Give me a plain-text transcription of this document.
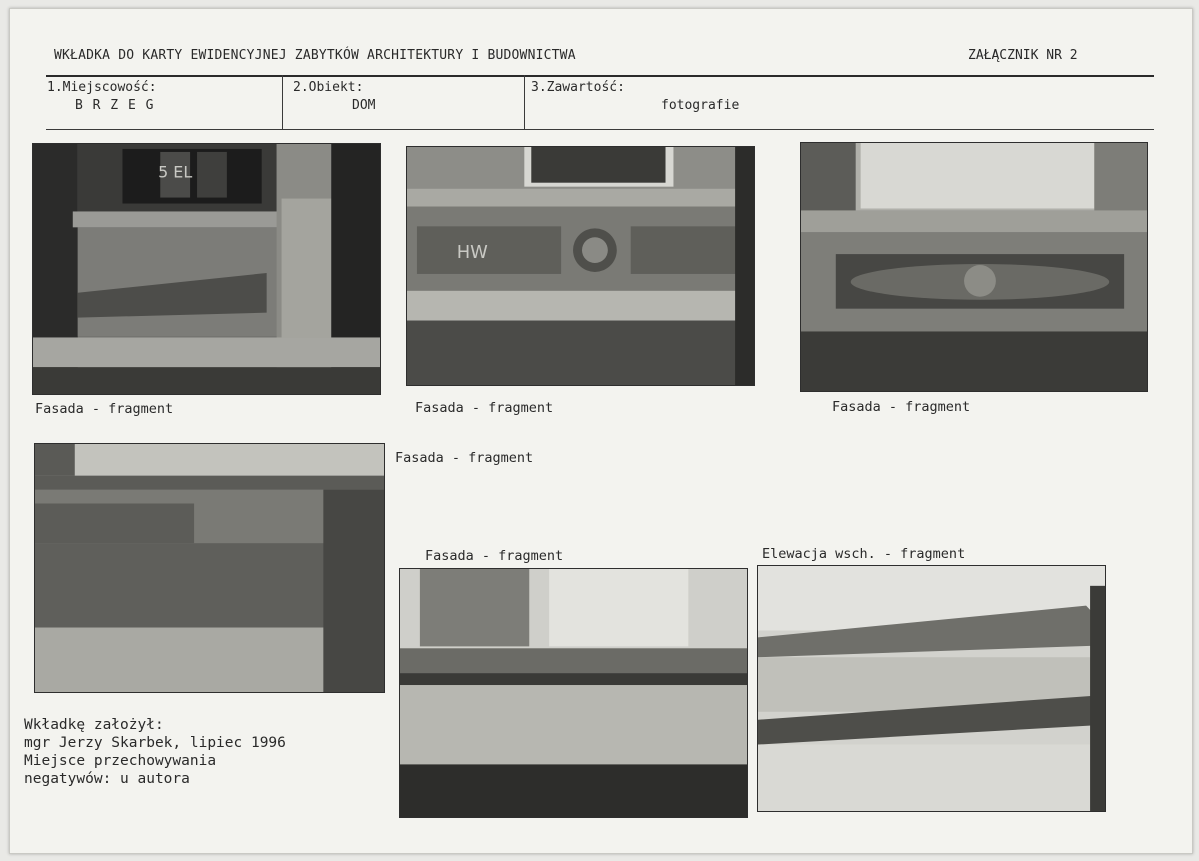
WKŁADKA DO KARTY EWIDENCYJNEJ ZABYTKÓW ARCHITEKTURY I BUDOWNICTWA	ZAŁĄCZNIK NR 2
1.Miejscowość:
B R Z E G
2.Obiekt:
DOM
3.Zawartość:
fotografie
5 EL
HW
Fasada - fragment	Fasada - fragment	Fasada - fragment
Fasada - fragment
Fasada - fragment	Elewacja wsch. - fragment
Wkładkę założył:
mgr Jerzy Skarbek, lipiec 1996
Miejsce przechowywania
negatywów: u autora
